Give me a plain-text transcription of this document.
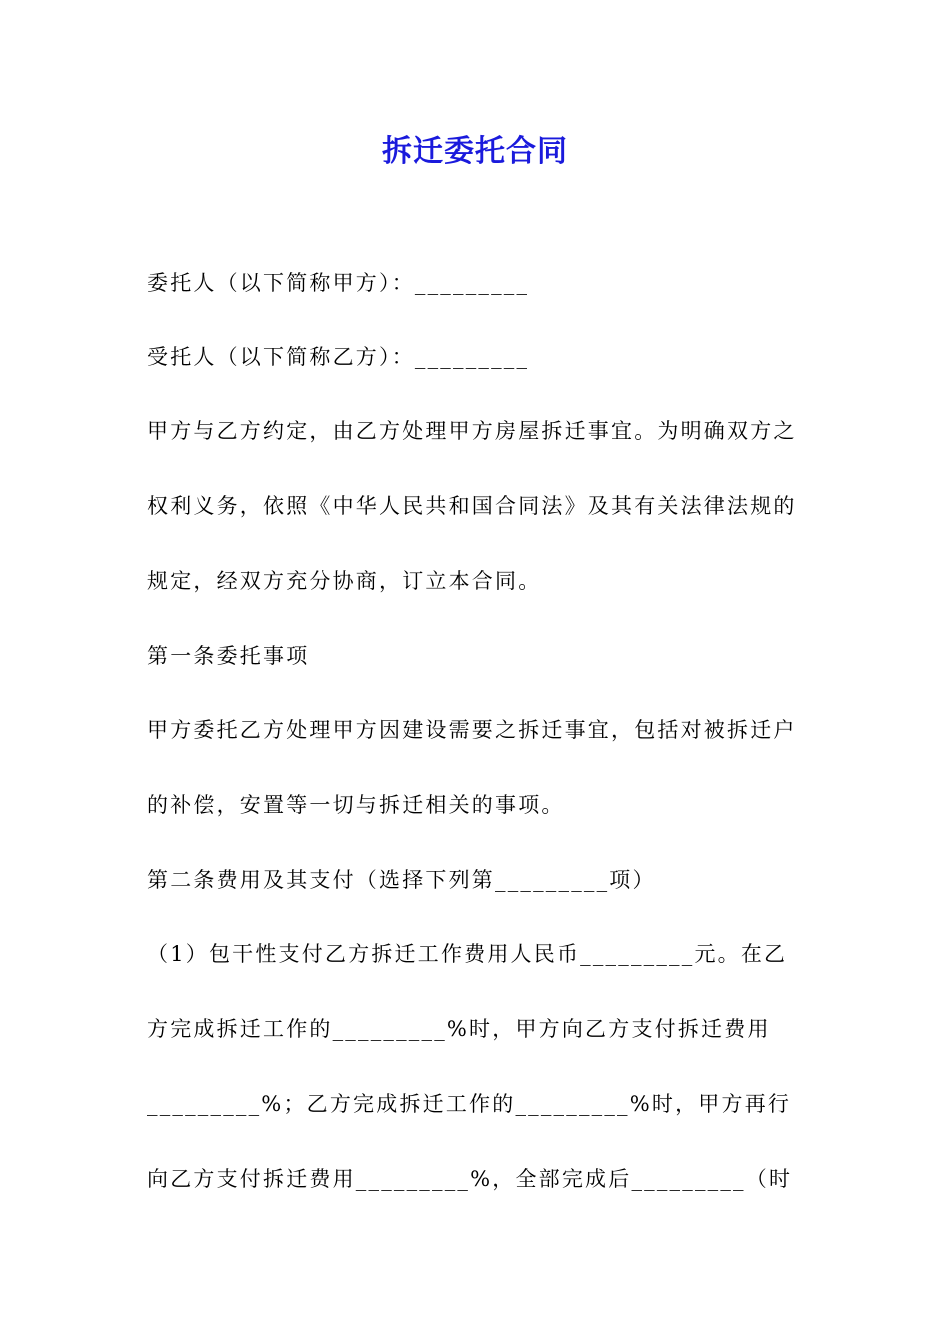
拆迁委托合同

委托人（以下简称甲方）：_________

受托人（以下简称乙方）：_________

甲方与乙方约定，由乙方处理甲方房屋拆迁事宜。为明确双方之权利义务，依照《中华人民共和国合同法》及其有关法律法规的规定，经双方充分协商，订立本合同。

第一条委托事项

甲方委托乙方处理甲方因建设需要之拆迁事宜，包括对被拆迁户的补偿，安置等一切与拆迁相关的事项。

第二条费用及其支付（选择下列第_________项）

（1）包干性支付乙方拆迁工作费用人民币_________元。在乙方完成拆迁工作的_________%时，甲方向乙方支付拆迁费用_________%；乙方完成拆迁工作的_________%时，甲方再行向乙方支付拆迁费用_________%，全部完成后_________（时
